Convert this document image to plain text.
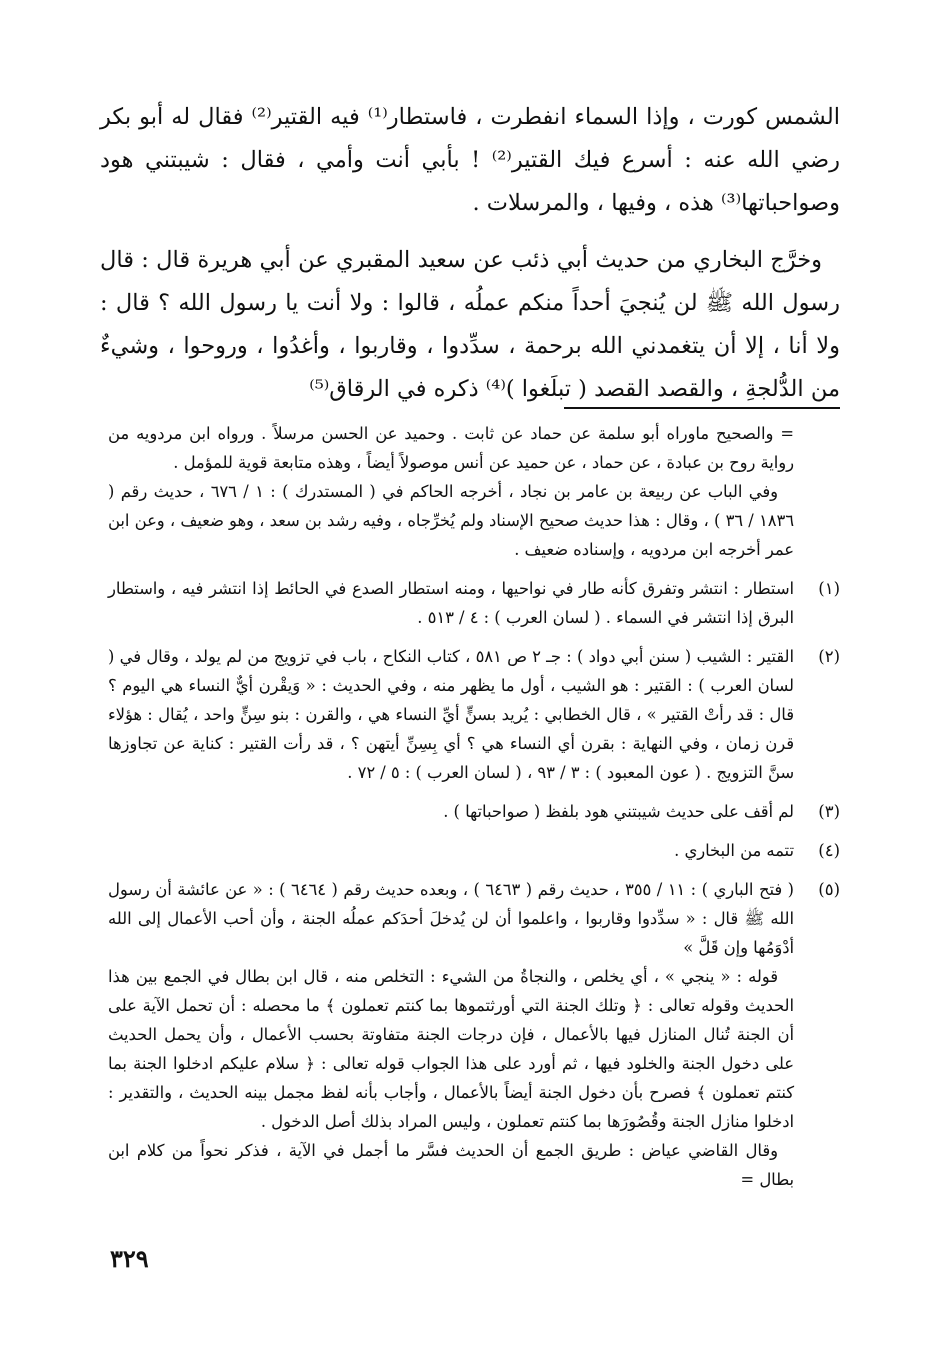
الشمس كورت ، وإذا السماء انفطرت ، فاستطار⁽¹⁾ فيه القتير⁽²⁾ فقال له أبو بكر رضي الله عنه : أسرع فيك القتير⁽²⁾ ! بأبي أنت وأمي ، فقال : شيبتني هود وصواحباتها⁽³⁾ هذه ، وفيها ، والمرسلات .

وخرَّج البخاري من حديث أبي ذئب عن سعيد المقبري عن أبي هريرة قال : قال رسول الله ﷺ لن يُنجيَ أحداً منكم عملُه ، قالوا : ولا أنت يا رسول الله ؟ قال : ولا أنا ، إلا أن يتغمدني الله برحمة ، سدِّدوا ، وقاربوا ، وأغدُوا ، وروحوا ، وشيءٌ من الدُّلجةِ ، والقصد القصد ( تبلَغوا )⁽⁴⁾ ذكره في الرقاق⁽⁵⁾

= والصحيح ماوراه أبو سلمة عن حماد عن ثابت . وحميد عن الحسن مرسلاً . ورواه ابن مردويه من رواية روح بن عبادة ، عن حماد ، عن حميد عن أنس موصولاً أيضاً ، وهذه متابعة قوية للمؤمل .

وفي الباب عن ربيعة بن عامر بن نجاد ، أخرجه الحاكم في ( المستدرك ) : ١ / ٦٧٦ ، حديث رقم ( ١٨٣٦ / ٣٦ ) ، وقال : هذا حديث صحيح الإسناد ولم يُخرِّجاه ، وفيه رشد بن سعد ، وهو ضعيف ، وعن ابن عمر أخرجه ابن مردويه ، وإسناده ضعيف .

(١)

استطار : انتشر وتفرق كأنه طار في نواحيها ، ومنه استطار الصدع في الحائط إذا انتشر فيه ، واستطار البرق إذا انتشر في السماء . ( لسان العرب ) : ٤ / ٥١٣ .

(٢)

القتير : الشيب ( سنن أبي دواد ) : جـ ٢ ص ٥٨١ ، كتاب النكاح ، باب في تزويج من لم يولد ، وقال في ( لسان العرب ) : القتير : هو الشيب ، أول ما يظهر منه ، وفي الحديث : « وَيقْرن أيٌّ النساء هي اليوم ؟ قال : قد رأتْ القتير » ، قال الخطابي : يُريد بسنٍّ أيِّ النساء هي ، والقرن : بنو سِنٍّ واحد ، يُقال : هؤلاء قرن زمان ، وفي النهاية : بقرن أي النساء هي ؟ أي بِسِنِّ أيتهن ؟ ، قد رأت القتير : كناية عن تجاوزها سنَّ التزويج . ( عون المعبود ) : ٣ / ٩٣ ، ( لسان العرب ) : ٥ / ٧٢ .

(٣)

لم أقف على حديث شيبتني هود بلفظ ( صواحباتها ) .

(٤)

تتمه من البخاري .

(٥)

( فتح الباري ) : ١١ / ٣٥٥ ، حديث رقم ( ٦٤٦٣ ) ، وبعده حديث رقم ( ٦٤٦٤ ) : « عن عائشة أن رسول الله ﷺ قال : « سدِّدوا وقاربوا ، واعلموا أن لن يُدخلَ أحدَكم عملُه الجنة ، وأن أحب الأعمال إلى الله أدْوَمُها وإن قَلَّ »

قوله : « ينجي » ، أي يخلص ، والنجاةُ من الشيء : التخلص منه ، قال ابن بطال في الجمع بين هذا الحديث وقوله تعالى : ﴿ وتلك الجنة التي أورثتموها بما كنتم تعملون ﴾ ما محصله : أن تحمل الآية على أن الجنة تُنال المنازل فيها بالأعمال ، فإن درجات الجنة متفاوتة بحسب الأعمال ، وأن يحمل الحديث على دخول الجنة والخلود فيها ، ثم أورد على هذا الجواب قوله تعالى : ﴿ سلام عليكم ادخلوا الجنة بما كنتم تعملون ﴾ فصرح بأن دخول الجنة أيضاً بالأعمال ، وأجاب بأنه لفظ مجمل بينه الحديث ، والتقدير : ادخلوا منازل الجنة وقُصُورَها بما كنتم تعملون ، وليس المراد بذلك أصل الدخول .

وقال القاضي عياض : طريق الجمع أن الحديث فسَّر ما أجمل في الآية ، فذكر نحواً من كلام ابن بطال =

٣٢٩
